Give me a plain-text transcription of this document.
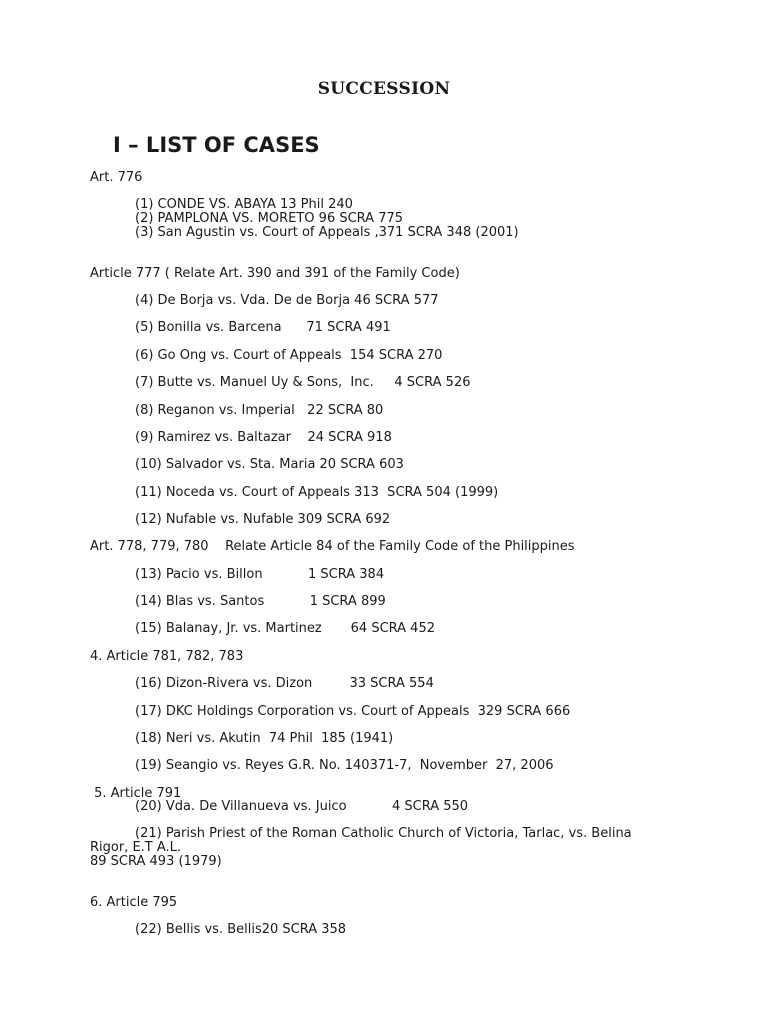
SUCCESSION
I – LIST OF CASES
Art. 776
(1) CONDE VS. ABAYA 13 Phil 240
(2) PAMPLONA VS. MORETO 96 SCRA 775
(3) San Agustin vs. Court of Appeals ,371 SCRA 348 (2001)
Article 777 ( Relate Art. 390 and 391 of the Family Code)
(4) De Borja vs. Vda. De de Borja 46 SCRA 577
(5) Bonilla vs. Barcena      71 SCRA 491
(6) Go Ong vs. Court of Appeals  154 SCRA 270
(7) Butte vs. Manuel Uy & Sons,  Inc.     4 SCRA 526
(8) Reganon vs. Imperial   22 SCRA 80
(9) Ramirez vs. Baltazar    24 SCRA 918
(10) Salvador vs. Sta. Maria 20 SCRA 603
(11) Noceda vs. Court of Appeals 313  SCRA 504 (1999)
(12) Nufable vs. Nufable 309 SCRA 692
Art. 778, 779, 780    Relate Article 84 of the Family Code of the Philippines
(13) Pacio vs. Billon           1 SCRA 384
(14) Blas vs. Santos           1 SCRA 899
(15) Balanay, Jr. vs. Martinez       64 SCRA 452
4. Article 781, 782, 783
(16) Dizon-Rivera vs. Dizon         33 SCRA 554
(17) DKC Holdings Corporation vs. Court of Appeals  329 SCRA 666
(18) Neri vs. Akutin  74 Phil  185 (1941)
(19) Seangio vs. Reyes G.R. No. 140371-7,  November  27, 2006
5. Article 791
(20) Vda. De Villanueva vs. Juico           4 SCRA 550
(21) Parish Priest of the Roman Catholic Church of Victoria, Tarlac, vs. Belina
Rigor, E.T A.L.
89 SCRA 493 (1979)
6. Article 795
(22) Bellis vs. Bellis20 SCRA 358
